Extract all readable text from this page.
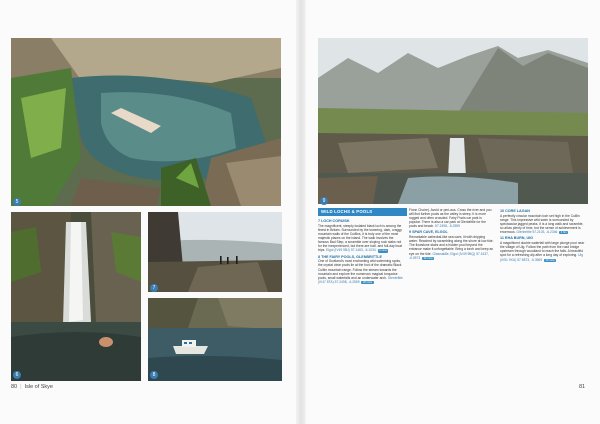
5
6
7
8
9
WILD LOCHS & POOLS

7 LOCH CORUISK
The magnificent, steeply isolated black loch is among the finest in Britain. Surrounded by the towering, dark, craggy mountain walls of the Cuillins, it is truly one of the most majestic places on the island. The walk involves the famous Bad Step, a scramble over sloping rock slabs not for the inexperienced, but there are half- and full-day boat trips. Elgol (IV49 9BJ) 57.1463, -6.1034 4 mins

8 THE FAIRY POOLS, GLENBRITTLE
One of Scotland's most enchanting wild swimming spots, the crystal clear pools lie at the foot of the dramatic Black Cuillin mountain range. Follow the stream towards the mountain and explore the numerous magical turquoise pools, small waterfalls and an underwater arch. Glenbrittle (IV47 8TA) 57.2498, -6.2559 20 mins

Fionn Choire). Avoid or peri-aus. Cross the river and you will find further pools as the valley is steep. It is more rugged and often crowded. Fairy Pools car park is popular. There is also a car park at Glenbrittle for the pools and beach. 57.2498, -6.2559

9 SPAR CAVE, ELGOL
Remarkable cathedral-like sea cave, lit with dripping water. Reached by scrambling along the shore at low tide. The flowstone stairs and a hidden pool beyond the entrance make it unforgettable. Bring a torch and keep an eye on the tide. Glasnakille, Elgol (IV49 9BQ) 57.1637, -6.0573 30 mins

10 CORE LAGAN
A perfectly circular mountain loch set high in the Cuillin range. This impressive wild swim is surrounded by spectacular jagged peaks. It is a long walk and scramble, so allow plenty of time, but the sense of achievement is enormous. Glenbrittle 57.2103, -6.2346 2 hrs

11 RHA BURN, UIG
A magnificent double waterfall with large plunge pool near the village of Uig. Follow the path from the road bridge upstream through woodland to reach the falls. A beautiful spot for a refreshing dip after a long day of exploring. Uig (IV51 9XU) 57.5873, -6.3569 10 mins

80 | Isle of Skye	81
